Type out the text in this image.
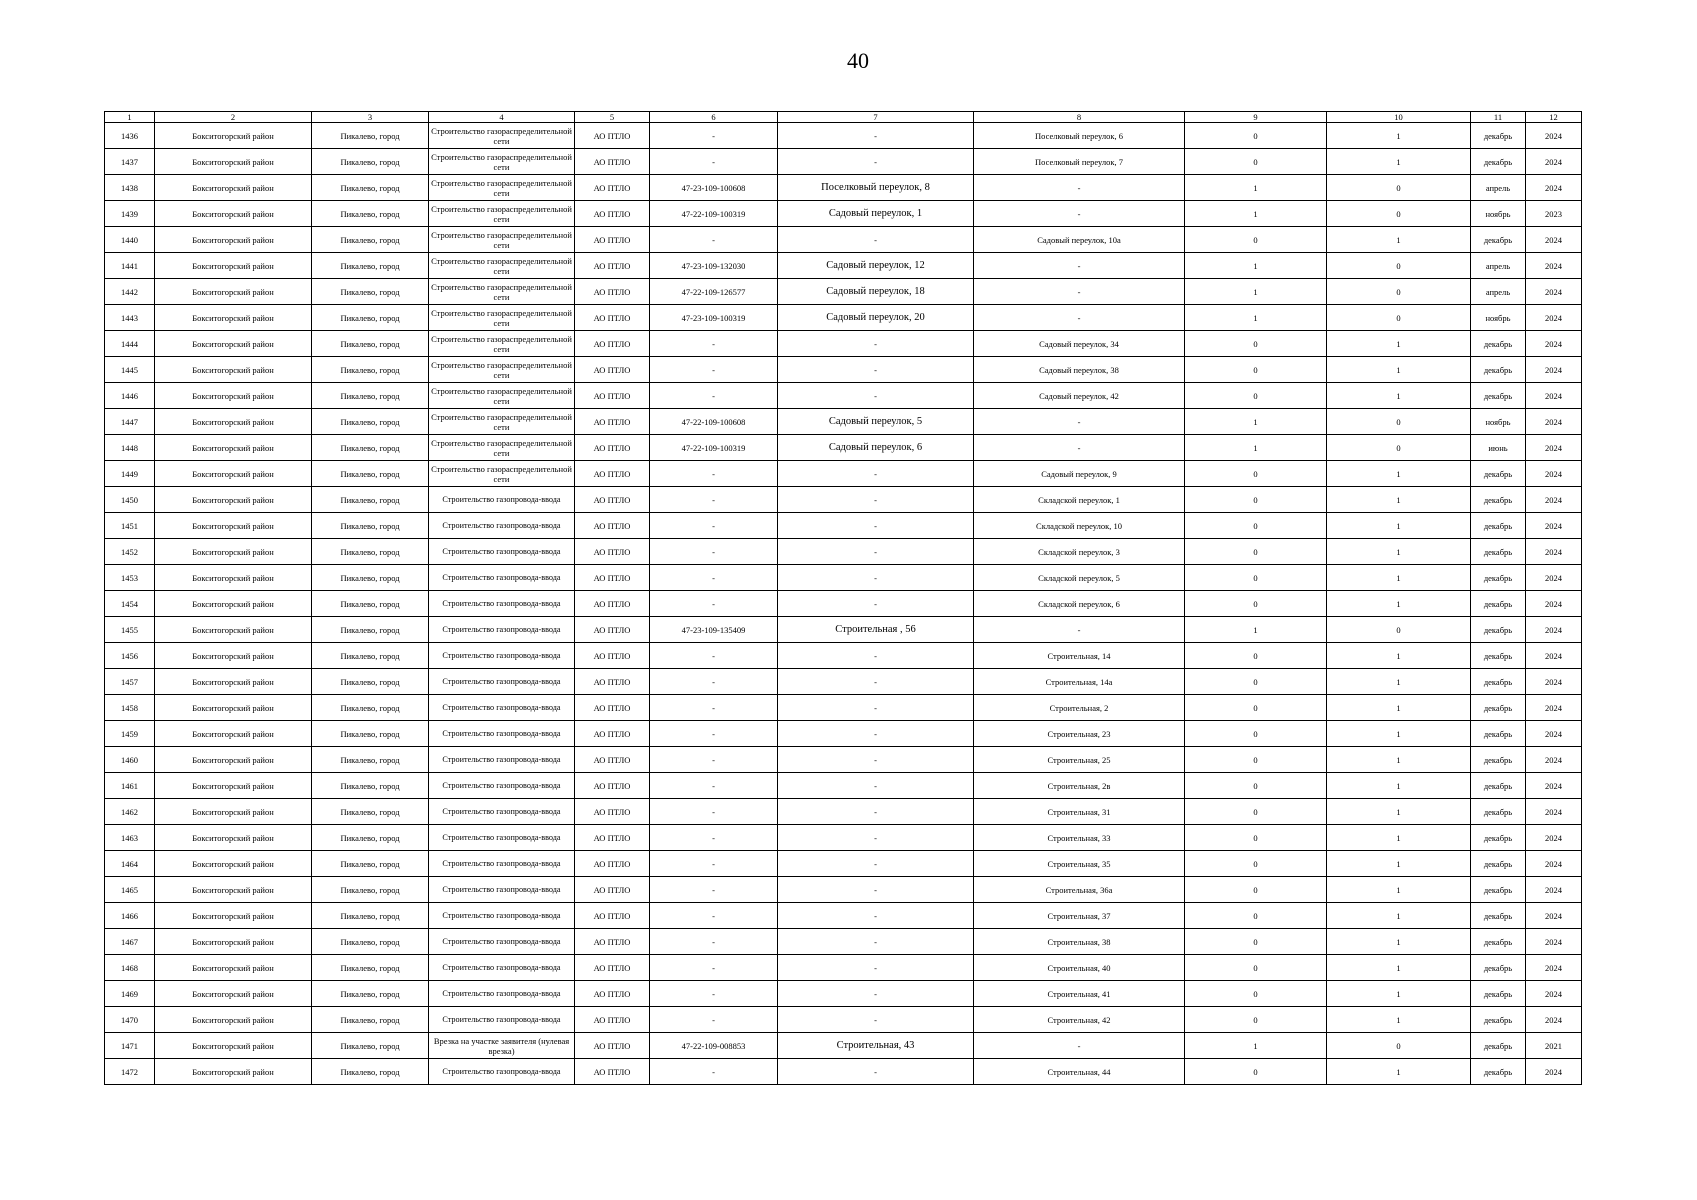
40
1	2	3	4	5	6	7	8	9	10	11	12
1436	Бокситогорский район	Пикалево, город	Строительство газораспределительной сети	АО ПТЛО	-	-	Поселковый переулок, 6	0	1	декабрь	2024
1437	Бокситогорский район	Пикалево, город	Строительство газораспределительной сети	АО ПТЛО	-	-	Поселковый переулок, 7	0	1	декабрь	2024
1438	Бокситогорский район	Пикалево, город	Строительство газораспределительной сети	АО ПТЛО	47-23-109-100608	Поселковый переулок, 8	-	1	0	апрель	2024
1439	Бокситогорский район	Пикалево, город	Строительство газораспределительной сети	АО ПТЛО	47-22-109-100319	Садовый переулок, 1	-	1	0	ноябрь	2023
1440	Бокситогорский район	Пикалево, город	Строительство газораспределительной сети	АО ПТЛО	-	-	Садовый переулок, 10а	0	1	декабрь	2024
1441	Бокситогорский район	Пикалево, город	Строительство газораспределительной сети	АО ПТЛО	47-23-109-132030	Садовый переулок, 12	-	1	0	апрель	2024
1442	Бокситогорский район	Пикалево, город	Строительство газораспределительной сети	АО ПТЛО	47-22-109-126577	Садовый переулок, 18	-	1	0	апрель	2024
1443	Бокситогорский район	Пикалево, город	Строительство газораспределительной сети	АО ПТЛО	47-23-109-100319	Садовый переулок, 20	-	1	0	ноябрь	2024
1444	Бокситогорский район	Пикалево, город	Строительство газораспределительной сети	АО ПТЛО	-	-	Садовый переулок, 34	0	1	декабрь	2024
1445	Бокситогорский район	Пикалево, город	Строительство газораспределительной сети	АО ПТЛО	-	-	Садовый переулок, 38	0	1	декабрь	2024
1446	Бокситогорский район	Пикалево, город	Строительство газораспределительной сети	АО ПТЛО	-	-	Садовый переулок, 42	0	1	декабрь	2024
1447	Бокситогорский район	Пикалево, город	Строительство газораспределительной сети	АО ПТЛО	47-22-109-100608	Садовый переулок, 5	-	1	0	ноябрь	2024
1448	Бокситогорский район	Пикалево, город	Строительство газораспределительной сети	АО ПТЛО	47-22-109-100319	Садовый переулок, 6	-	1	0	июнь	2024
1449	Бокситогорский район	Пикалево, город	Строительство газораспределительной сети	АО ПТЛО	-	-	Садовый переулок, 9	0	1	декабрь	2024
1450	Бокситогорский район	Пикалево, город	Строительство газопровода-ввода	АО ПТЛО	-	-	Складской переулок, 1	0	1	декабрь	2024
1451	Бокситогорский район	Пикалево, город	Строительство газопровода-ввода	АО ПТЛО	-	-	Складской переулок, 10	0	1	декабрь	2024
1452	Бокситогорский район	Пикалево, город	Строительство газопровода-ввода	АО ПТЛО	-	-	Складской переулок, 3	0	1	декабрь	2024
1453	Бокситогорский район	Пикалево, город	Строительство газопровода-ввода	АО ПТЛО	-	-	Складской переулок, 5	0	1	декабрь	2024
1454	Бокситогорский район	Пикалево, город	Строительство газопровода-ввода	АО ПТЛО	-	-	Складской переулок, 6	0	1	декабрь	2024
1455	Бокситогорский район	Пикалево, город	Строительство газопровода-ввода	АО ПТЛО	47-23-109-135409	Строительная , 56	-	1	0	декабрь	2024
1456	Бокситогорский район	Пикалево, город	Строительство газопровода-ввода	АО ПТЛО	-	-	Строительная, 14	0	1	декабрь	2024
1457	Бокситогорский район	Пикалево, город	Строительство газопровода-ввода	АО ПТЛО	-	-	Строительная, 14а	0	1	декабрь	2024
1458	Бокситогорский район	Пикалево, город	Строительство газопровода-ввода	АО ПТЛО	-	-	Строительная, 2	0	1	декабрь	2024
1459	Бокситогорский район	Пикалево, город	Строительство газопровода-ввода	АО ПТЛО	-	-	Строительная, 23	0	1	декабрь	2024
1460	Бокситогорский район	Пикалево, город	Строительство газопровода-ввода	АО ПТЛО	-	-	Строительная, 25	0	1	декабрь	2024
1461	Бокситогорский район	Пикалево, город	Строительство газопровода-ввода	АО ПТЛО	-	-	Строительная, 2в	0	1	декабрь	2024
1462	Бокситогорский район	Пикалево, город	Строительство газопровода-ввода	АО ПТЛО	-	-	Строительная, 31	0	1	декабрь	2024
1463	Бокситогорский район	Пикалево, город	Строительство газопровода-ввода	АО ПТЛО	-	-	Строительная, 33	0	1	декабрь	2024
1464	Бокситогорский район	Пикалево, город	Строительство газопровода-ввода	АО ПТЛО	-	-	Строительная, 35	0	1	декабрь	2024
1465	Бокситогорский район	Пикалево, город	Строительство газопровода-ввода	АО ПТЛО	-	-	Строительная, 36а	0	1	декабрь	2024
1466	Бокситогорский район	Пикалево, город	Строительство газопровода-ввода	АО ПТЛО	-	-	Строительная, 37	0	1	декабрь	2024
1467	Бокситогорский район	Пикалево, город	Строительство газопровода-ввода	АО ПТЛО	-	-	Строительная, 38	0	1	декабрь	2024
1468	Бокситогорский район	Пикалево, город	Строительство газопровода-ввода	АО ПТЛО	-	-	Строительная, 40	0	1	декабрь	2024
1469	Бокситогорский район	Пикалево, город	Строительство газопровода-ввода	АО ПТЛО	-	-	Строительная, 41	0	1	декабрь	2024
1470	Бокситогорский район	Пикалево, город	Строительство газопровода-ввода	АО ПТЛО	-	-	Строительная, 42	0	1	декабрь	2024
1471	Бокситогорский район	Пикалево, город	Врезка на участке заявителя (нулевая врезка)	АО ПТЛО	47-22-109-008853	Строительная, 43	-	1	0	декабрь	2021
1472	Бокситогорский район	Пикалево, город	Строительство газопровода-ввода	АО ПТЛО	-	-	Строительная, 44	0	1	декабрь	2024
